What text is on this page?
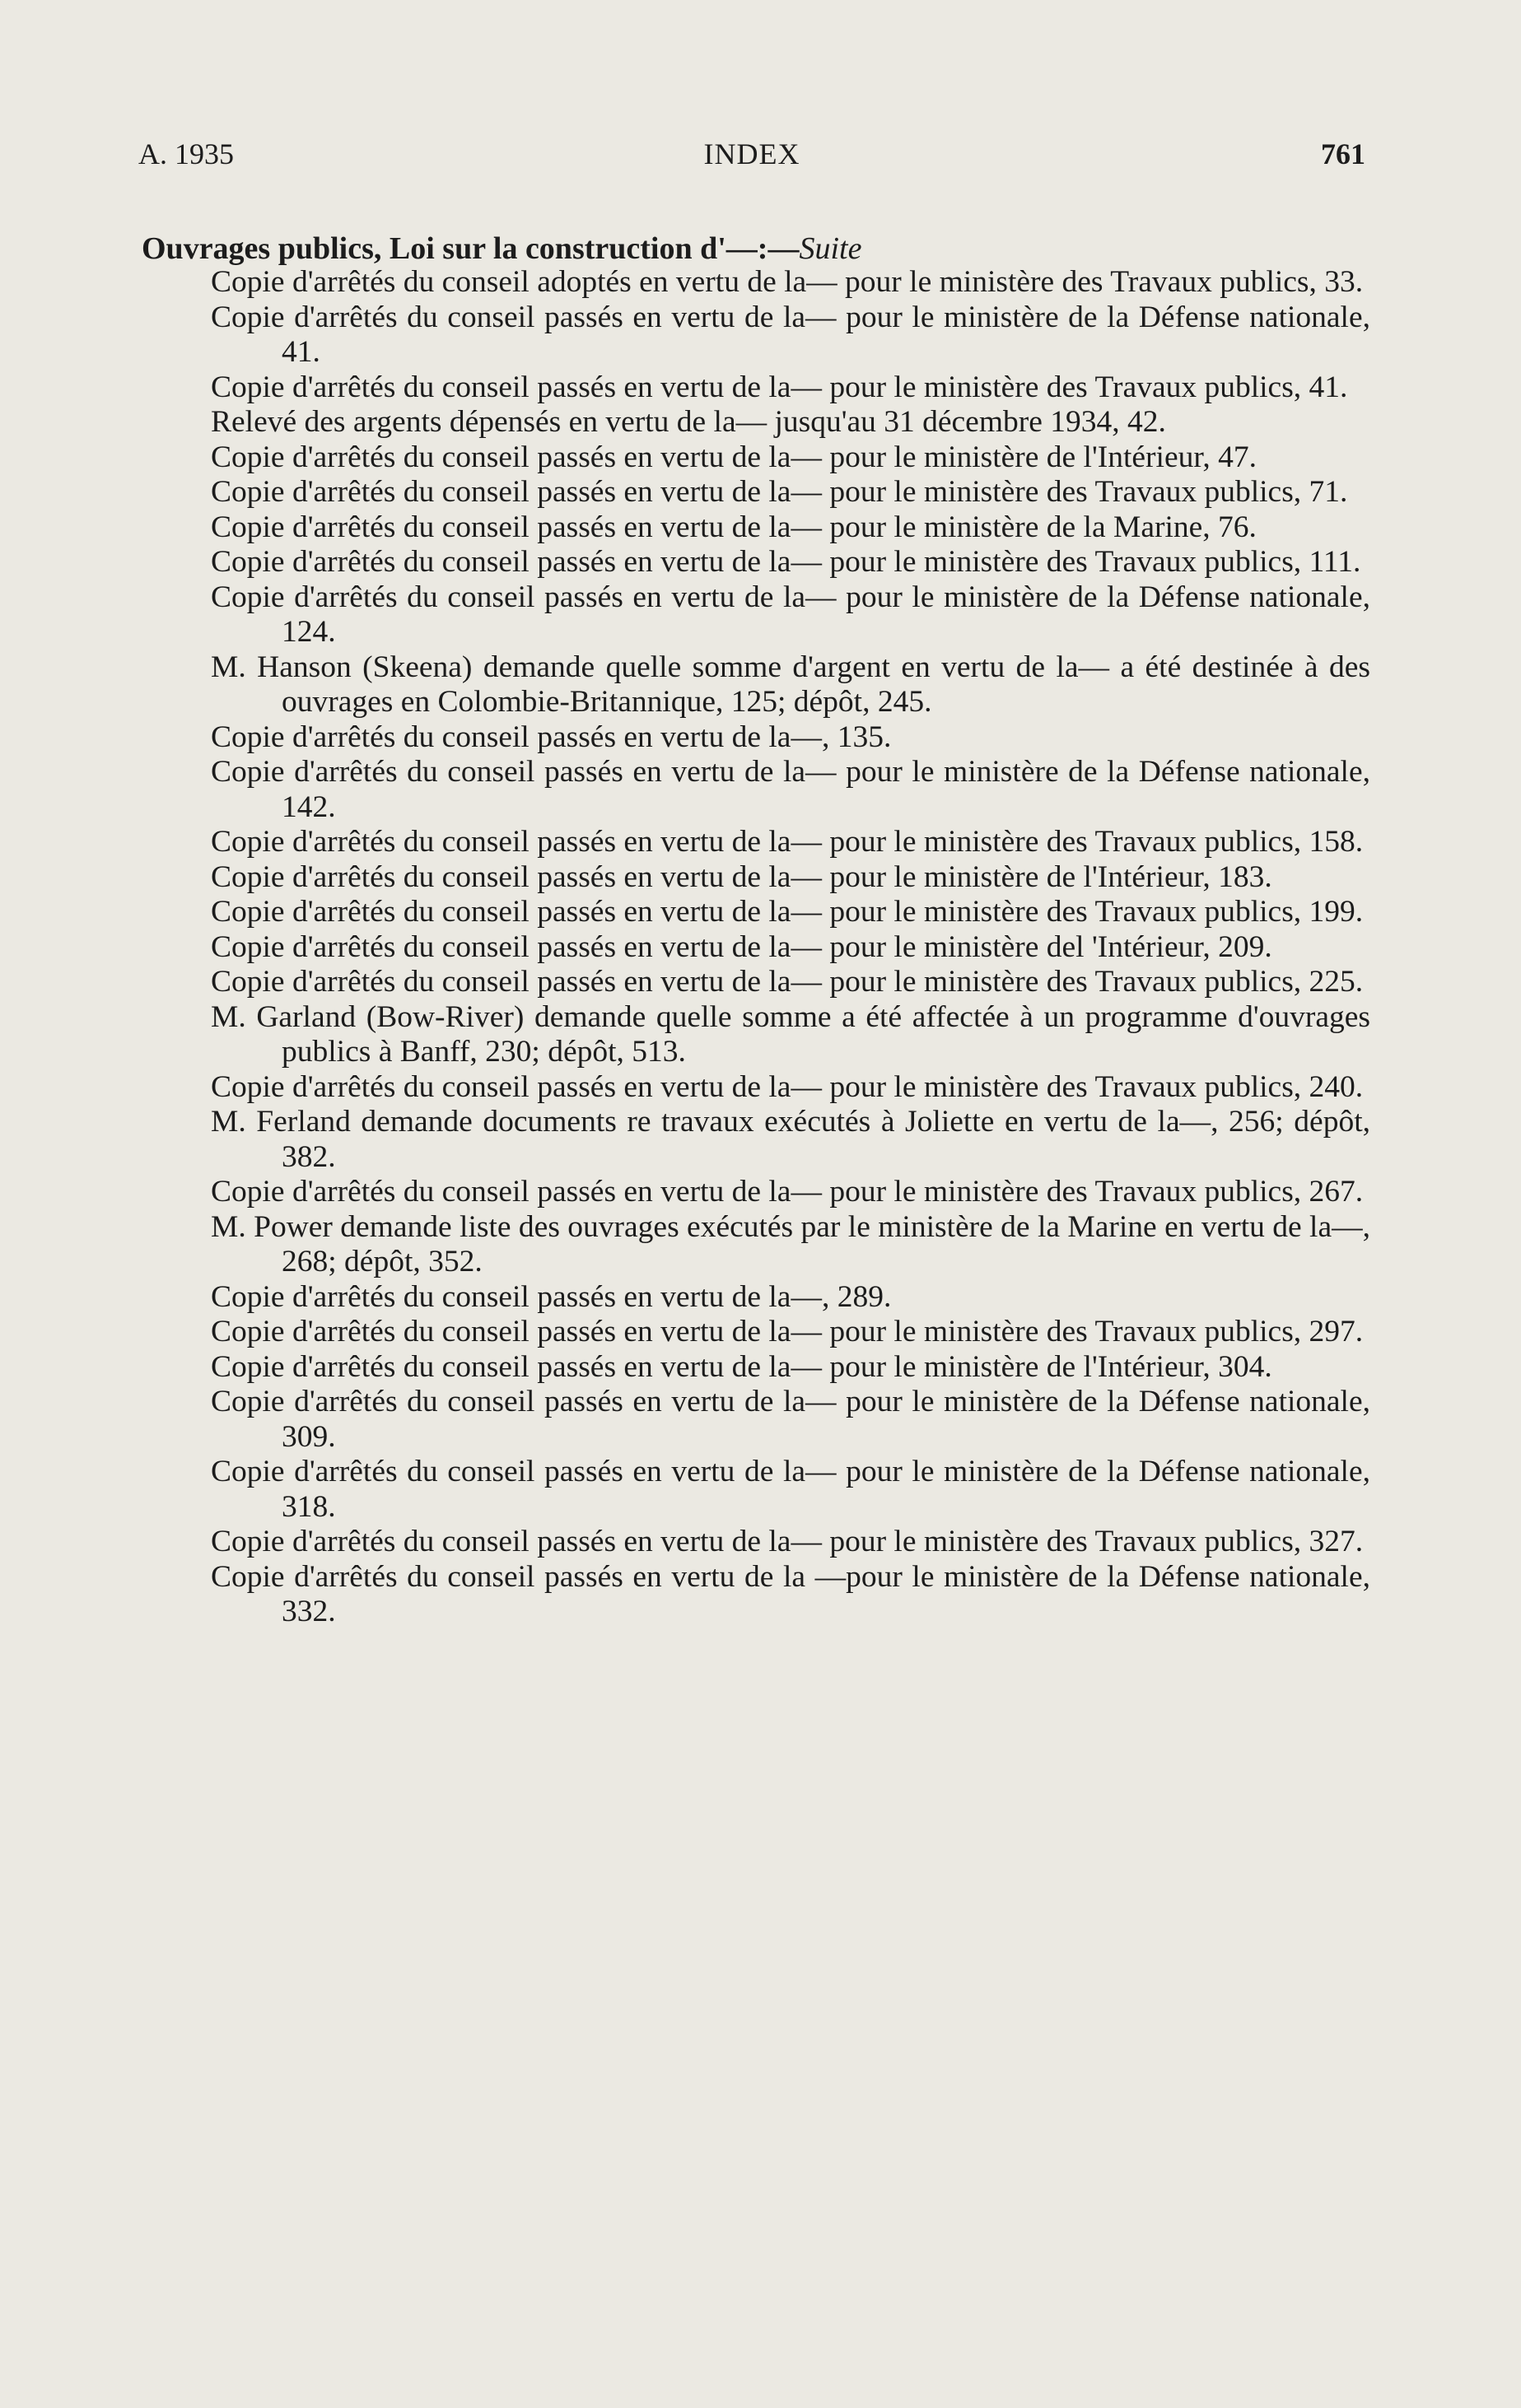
A. 1935	INDEX	761
Ouvrages publics, Loi sur la construction d'—:—Suite
Copie d'arrêtés du conseil adoptés en vertu de la— pour le ministère des Travaux publics, 33.
Copie d'arrêtés du conseil passés en vertu de la— pour le ministère de la Défense nationale, 41.
Copie d'arrêtés du conseil passés en vertu de la— pour le ministère des Travaux publics, 41.
Relevé des argents dépensés en vertu de la— jusqu'au 31 décembre 1934, 42.
Copie d'arrêtés du conseil passés en vertu de la— pour le ministère de l'Intérieur, 47.
Copie d'arrêtés du conseil passés en vertu de la— pour le ministère des Travaux publics, 71.
Copie d'arrêtés du conseil passés en vertu de la— pour le ministère de la Marine, 76.
Copie d'arrêtés du conseil passés en vertu de la— pour le ministère des Travaux publics, 111.
Copie d'arrêtés du conseil passés en vertu de la— pour le ministère de la Défense nationale, 124.
M. Hanson (Skeena) demande quelle somme d'argent en vertu de la— a été destinée à des ouvrages en Colombie-Britannique, 125; dépôt, 245.
Copie d'arrêtés du conseil passés en vertu de la—, 135.
Copie d'arrêtés du conseil passés en vertu de la— pour le ministère de la Défense nationale, 142.
Copie d'arrêtés du conseil passés en vertu de la— pour le ministère des Travaux publics, 158.
Copie d'arrêtés du conseil passés en vertu de la— pour le ministère de l'Intérieur, 183.
Copie d'arrêtés du conseil passés en vertu de la— pour le ministère des Travaux publics, 199.
Copie d'arrêtés du conseil passés en vertu de la— pour le ministère del 'Intérieur, 209.
Copie d'arrêtés du conseil passés en vertu de la— pour le ministère des Travaux publics, 225.
M. Garland (Bow-River) demande quelle somme a été affectée à un programme d'ouvrages publics à Banff, 230; dépôt, 513.
Copie d'arrêtés du conseil passés en vertu de la— pour le ministère des Travaux publics, 240.
M. Ferland demande documents re travaux exécutés à Joliette en vertu de la—, 256; dépôt, 382.
Copie d'arrêtés du conseil passés en vertu de la— pour le ministère des Travaux publics, 267.
M. Power demande liste des ouvrages exécutés par le ministère de la Marine en vertu de la—, 268; dépôt, 352.
Copie d'arrêtés du conseil passés en vertu de la—, 289.
Copie d'arrêtés du conseil passés en vertu de la— pour le ministère des Travaux publics, 297.
Copie d'arrêtés du conseil passés en vertu de la— pour le ministère de l'Intérieur, 304.
Copie d'arrêtés du conseil passés en vertu de la— pour le ministère de la Défense nationale, 309.
Copie d'arrêtés du conseil passés en vertu de la— pour le ministère de la Défense nationale, 318.
Copie d'arrêtés du conseil passés en vertu de la— pour le ministère des Travaux publics, 327.
Copie d'arrêtés du conseil passés en vertu de la —pour le ministère de la Défense nationale, 332.
